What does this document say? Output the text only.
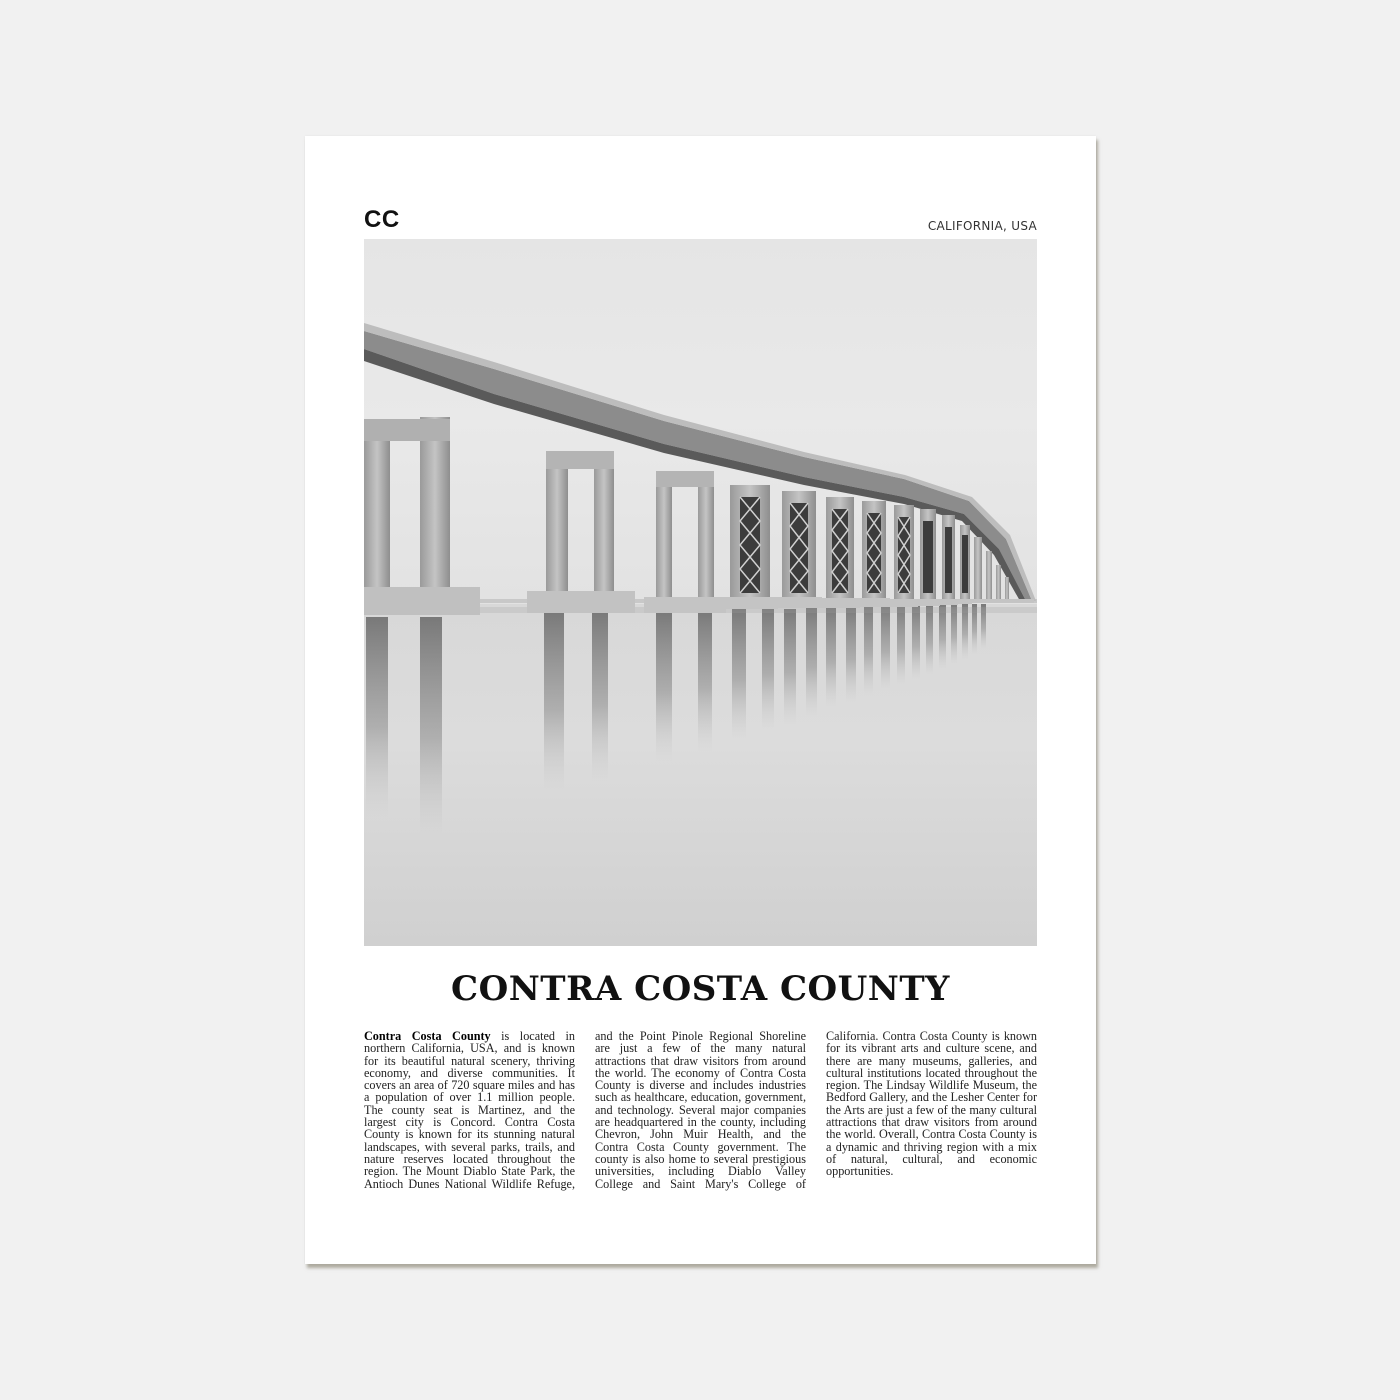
CC	CALIFORNIA, USA
CONTRA COSTA COUNTY

Contra Costa County is located in northern California, USA, and is known for its beautiful natural scenery, thriving economy, and diverse communities. It covers an area of 720 square miles and has a population of over 1.1 million people. The county seat is Martinez, and the largest city is Concord. Contra Costa County is known for its stunning natural landscapes, with several parks, trails, and nature reserves located throughout the region. The Mount Diablo State Park, the Antioch Dunes National Wildlife Refuge, and the Point Pinole Regional Shoreline are just a few of the many natural attractions that draw visitors from around the world. The economy of Contra Costa County is diverse and includes industries such as healthcare, education, government, and technology. Several major companies are headquartered in the county, including Chevron, John Muir Health, and the Contra Costa County government. The county is also home to several prestigious universities, including Diablo Valley College and Saint Mary's College of California. Contra Costa County is known for its vibrant arts and culture scene, and there are many museums, galleries, and cultural institutions located throughout the region. The Lindsay Wildlife Museum, the Bedford Gallery, and the Lesher Center for the Arts are just a few of the many cultural attractions that draw visitors from around the world. Overall, Contra Costa County is a dynamic and thriving region with a mix of natural, cultural, and economic opportunities.
